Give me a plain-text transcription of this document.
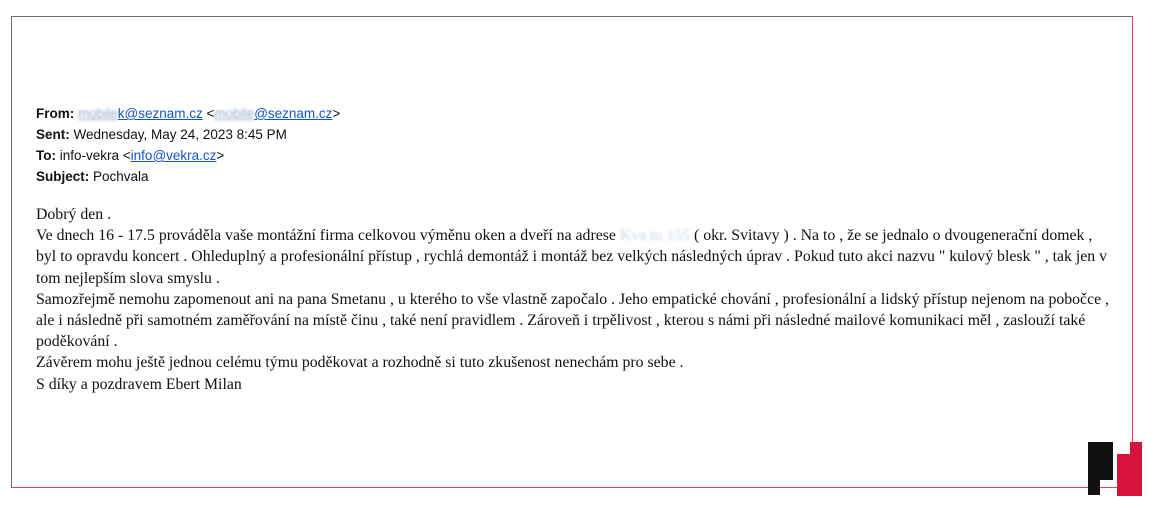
From: mobilek@seznam.cz <mobile@seznam.cz>
Sent: Wednesday, May 24, 2023 8:45 PM
To: info-vekra <info@vekra.cz>
Subject: Pochvala

Dobrý den .

Ve dnech 16 - 17.5 prováděla vaše montážní firma celkovou výměnu oken a dveří na adrese Kva tu 155 ( okr. Svitavy ) . Na to , že se jednalo o dvougenerační domek , byl to opravdu koncert . Ohleduplný a profesionální přístup , rychlá demontáž i montáž bez velkých následných úprav . Pokud tuto akci nazvu " kulový blesk " , tak jen v tom nejlepším slova smyslu .

Samozřejmě nemohu zapomenout ani na pana Smetanu , u kterého to vše vlastně započalo . Jeho empatické chování , profesionální a lidský přístup nejenom na pobočce , ale i následně při samotném zaměřování na místě činu , také není pravidlem . Zároveň i trpělivost , kterou s námi při následné mailové komunikaci měl , zaslouží také poděkování .

Závěrem mohu ještě jednou celému týmu poděkovat a rozhodně si tuto zkušenost nenechám pro sebe .

S díky a pozdravem Ebert Milan
